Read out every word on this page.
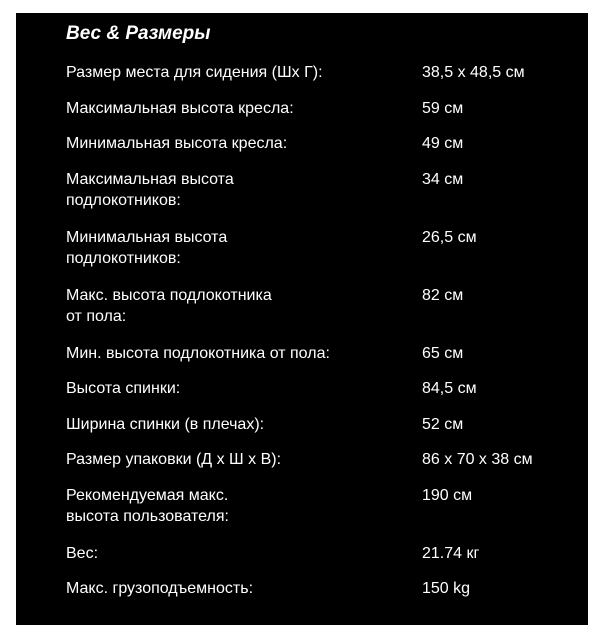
Вес & Размеры
Размер места для сидения (Шх Г):	38,5 х 48,5 см
Максимальная высота кресла:	59 см
Минимальная высота кресла:	49 см
Максимальная высота подлокотников:
34 см
Минимальная высота подлокотников:
26,5 см
Макс. высота подлокотника от пола:
82 см
Мин. высота подлокотника от пола:	65 см
Высота спинки:	84,5 см
Ширина спинки (в плечах):	52 см
Размер упаковки (Д х Ш х В):	86 х 70 х 38 см
Рекомендуемая макс. высота пользователя:
190 см
Вес:	21.74 кг
Макс. грузоподъемность:	150 kg
